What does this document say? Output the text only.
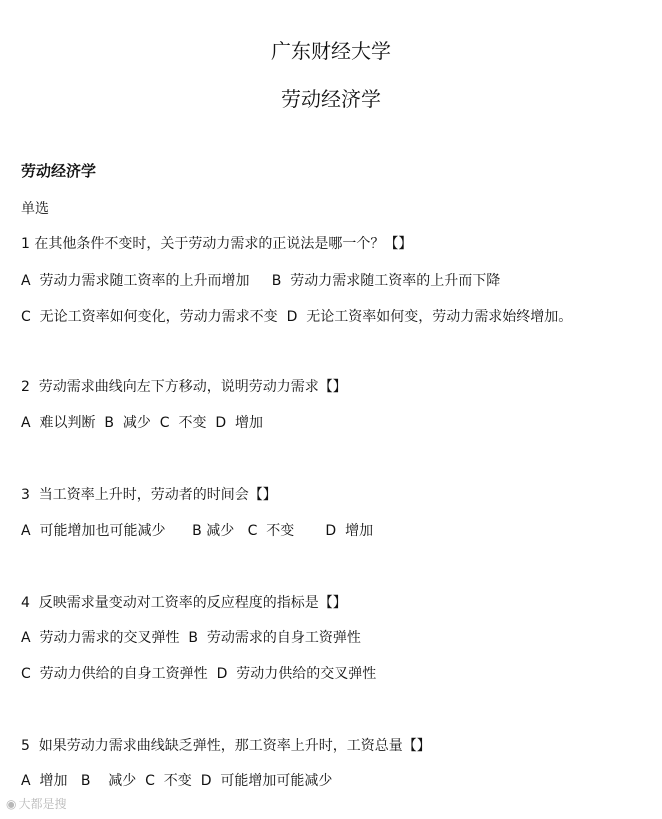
广东财经大学
劳动经济学
劳动经济学
单选
1 在其他条件不变时，关于劳动力需求的正说法是哪一个？【】
A  劳动力需求随工资率的上升而增加     B  劳动力需求随工资率的上升而下降
C  无论工资率如何变化，劳动力需求不变  D  无论工资率如何变，劳动力需求始终增加。
2  劳动需求曲线向左下方移动，说明劳动力需求【】
A  难以判断  B  减少  C  不变  D  增加
3  当工资率上升时，劳动者的时间会【】
A  可能增加也可能减少      B 减少   C  不变       D  增加
4  反映需求量变动对工资率的反应程度的指标是【】
A  劳动力需求的交叉弹性  B  劳动需求的自身工资弹性
C  劳动力供给的自身工资弹性  D  劳动力供给的交叉弹性
5  如果劳动力需求曲线缺乏弹性，那工资率上升时，工资总量【】
A  增加   B    减少  C  不变  D  可能增加可能减少
◉ 大都是搜
